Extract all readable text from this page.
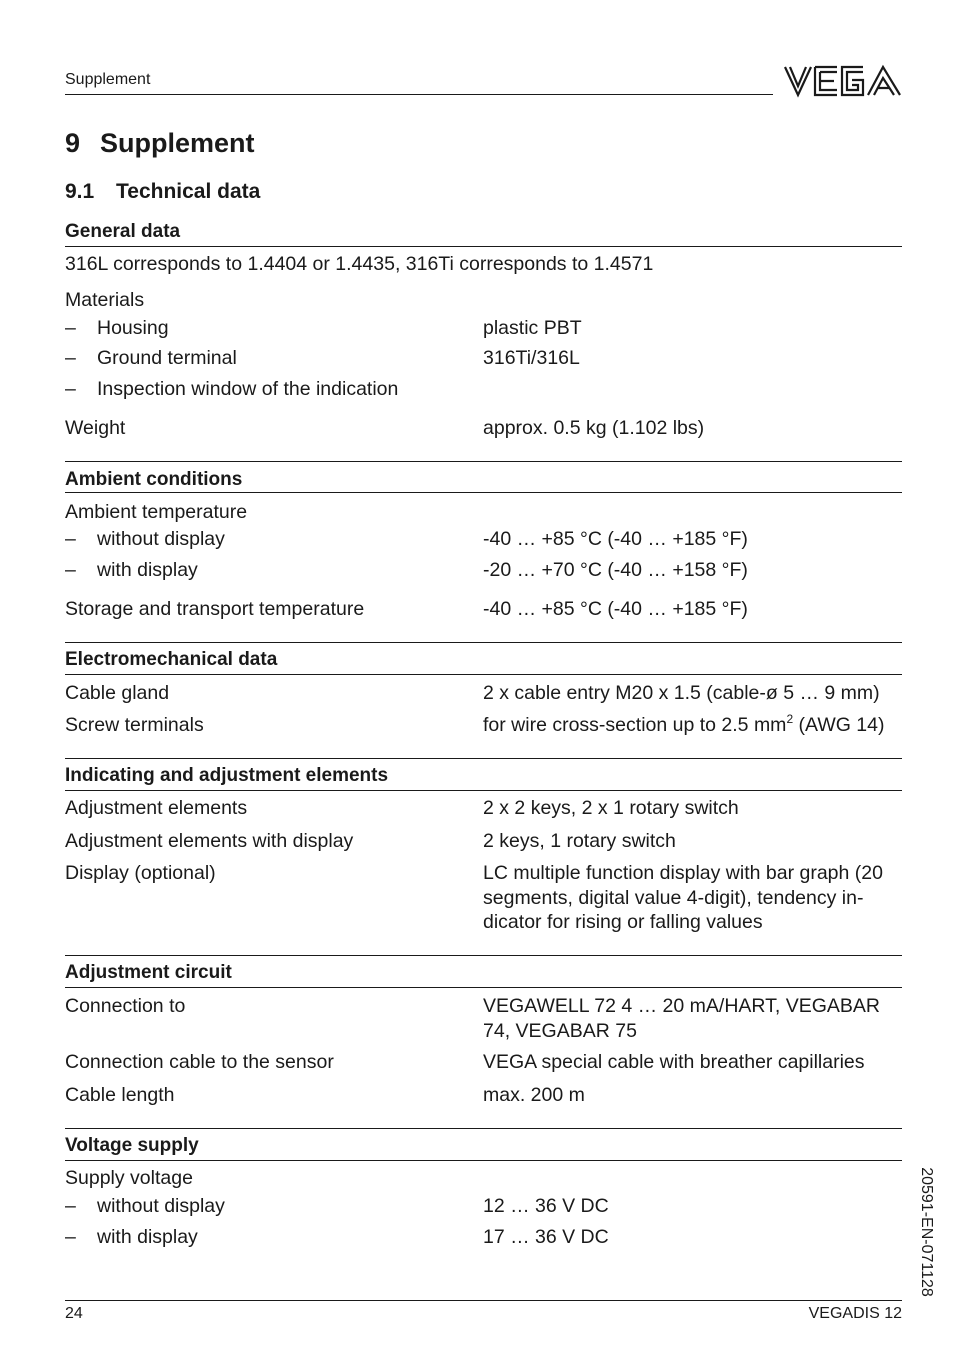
Supplement
9 Supplement
9.1 Technical data
General data
316L corresponds to 1.4404 or 1.4435, 316Ti corresponds to 1.4571
Materials
– Housing	plastic PBT
– Ground terminal	316Ti/316L
– Inspection window of the indication
Weight	approx. 0.5 kg (1.102 lbs)
Ambient conditions
Ambient temperature
– without display	-40 … +85 °C (-40 … +185 °F)
– with display	-20 … +70 °C (-40 … +158 °F)
Storage and transport temperature	-40 … +85 °C (-40 … +185 °F)
Electromechanical data
Cable gland	2 x cable entry M20 x 1.5 (cable-ø 5 … 9 mm)
Screw terminals	for wire cross-section up to 2.5 $mm^2$ (AWG 14)
Indicating and adjustment elements
Adjustment elements	2 x 2 keys, 2 x 1 rotary switch
Adjustment elements with display	2 keys, 1 rotary switch
Display (optional)	LC multiple function display with bar graph (20 segments, digital value 4-digit), tendency in-dicator for rising or falling values
Adjustment circuit
Connection to	VEGAWELL 72 4 … 20 mA/HART, VEGABAR 74, VEGABAR 75
Connection cable to the sensor	VEGA special cable with breather capillaries
Cable length	max. 200 m
Voltage supply
Supply voltage
– without display	12 … 36 V DC
– with display	17 … 36 V DC	20591-EN-071128
24	VEGADIS 12
